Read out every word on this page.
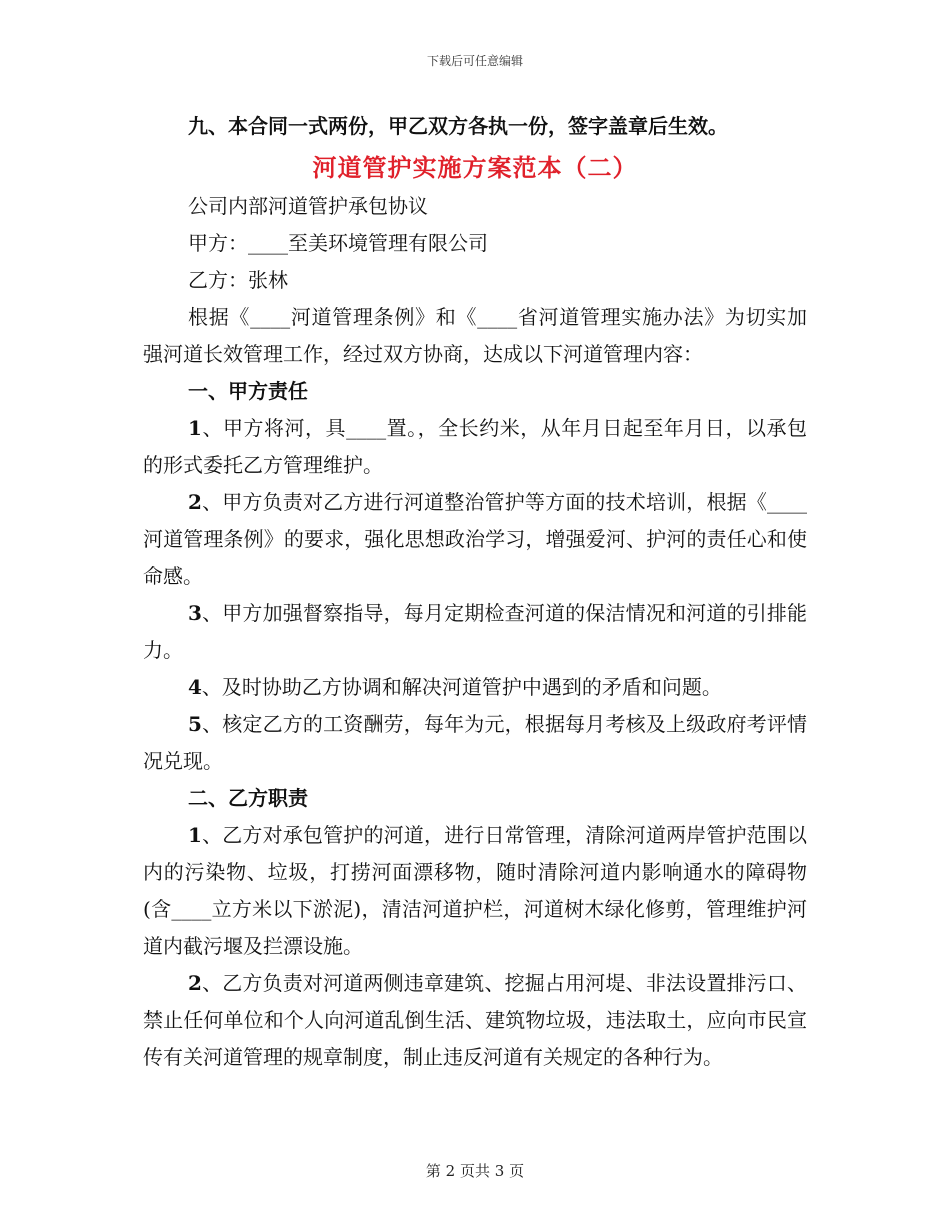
下载后可任意编辑

九、本合同一式两份，甲乙双方各执一份，签字盖章后生效。

河道管护实施方案范本（二）

公司内部河道管护承包协议

甲方：____至美环境管理有限公司

乙方：张林

根据《____河道管理条例》和《____省河道管理实施办法》为切实加强河道长效管理工作，经过双方协商，达成以下河道管理内容：

一、甲方责任

1、甲方将河，具____置。，全长约米，从年月日起至年月日，以承包的形式委托乙方管理维护。

2、甲方负责对乙方进行河道整治管护等方面的技术培训，根据《____河道管理条例》的要求，强化思想政治学习，增强爱河、护河的责任心和使命感。

3、甲方加强督察指导，每月定期检查河道的保洁情况和河道的引排能力。

4、及时协助乙方协调和解决河道管护中遇到的矛盾和问题。

5、核定乙方的工资酬劳，每年为元，根据每月考核及上级政府考评情况兑现。

二、乙方职责

1、乙方对承包管护的河道，进行日常管理，清除河道两岸管护范围以内的污染物、垃圾，打捞河面漂移物，随时清除河道内影响通水的障碍物(含____立方米以下淤泥)，清洁河道护栏，河道树木绿化修剪，管理维护河道内截污堰及拦漂设施。

2、乙方负责对河道两侧违章建筑、挖掘占用河堤、非法设置排污口、禁止任何单位和个人向河道乱倒生活、建筑物垃圾，违法取土，应向市民宣传有关河道管理的规章制度，制止违反河道有关规定的各种行为。

第 2 页共 3 页
